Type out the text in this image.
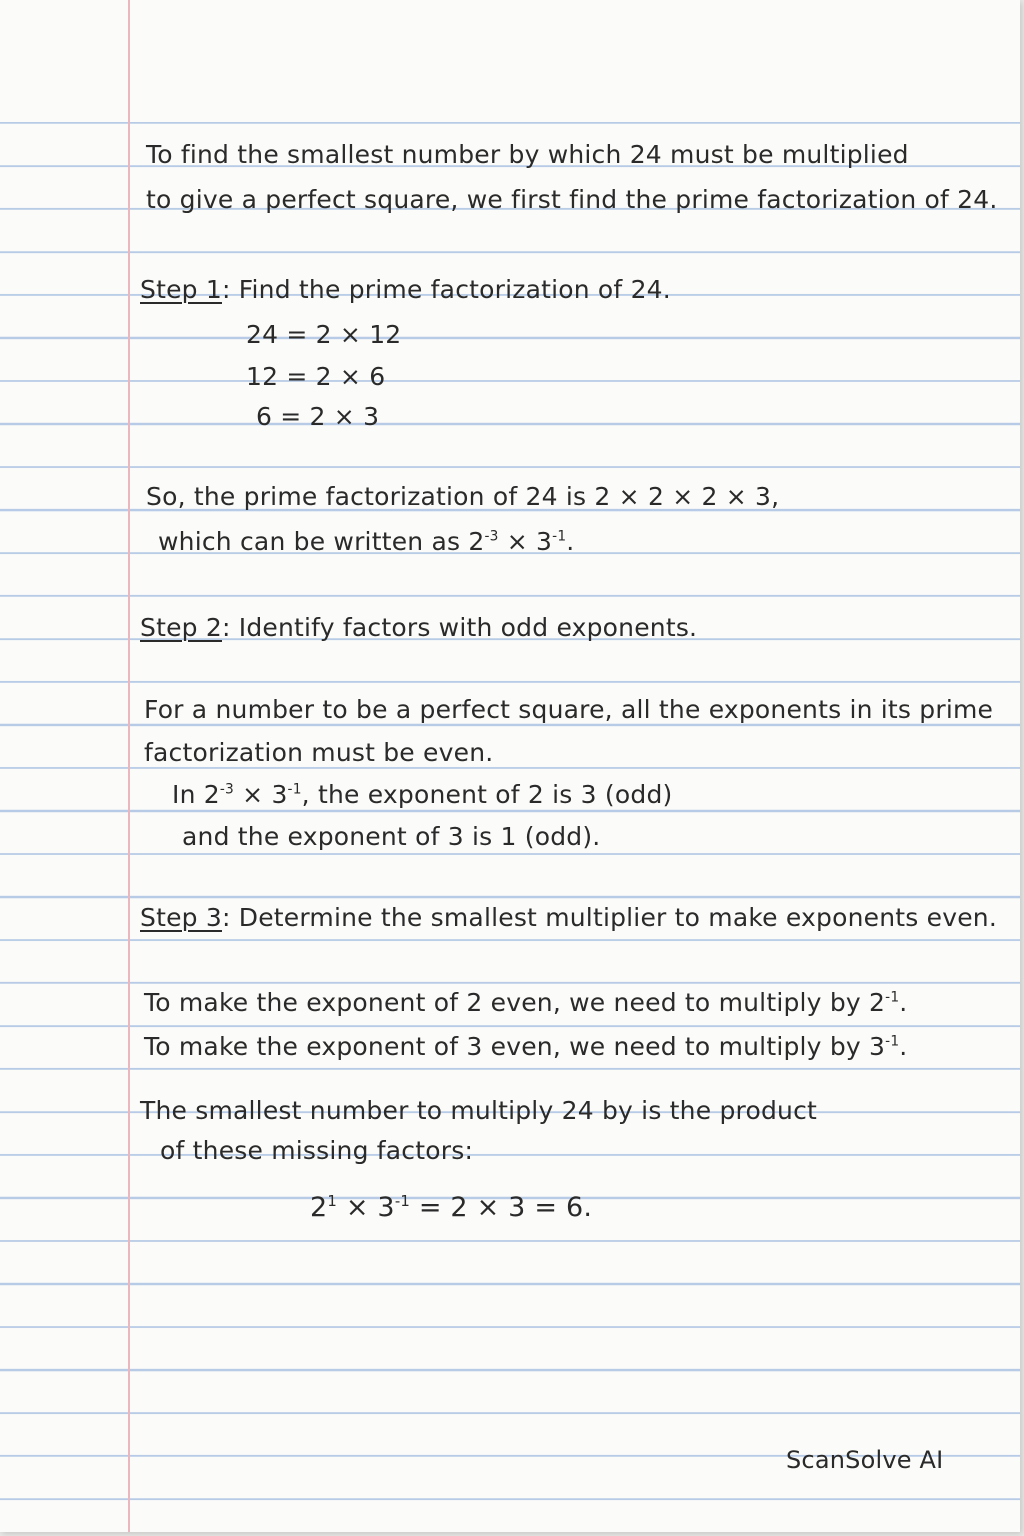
To find the smallest number by which 24 must be multiplied
to give a perfect square, we first find the prime factorization of 24.
Step 1: Find the prime factorization of 24.
24 = 2 × 12
12 = 2 × 6
6 = 2 × 3
So, the prime factorization of 24 is 2 × 2 × 2 × 3,
which can be written as $2^{-3} \times 3^{-1}$.
Step 2: Identify factors with odd exponents.
For a number to be a perfect square, all the exponents in its prime
factorization must be even.
In $2^{-3} \times 3^{-1}$, the exponent of 2 is 3 (odd)
and the exponent of 3 is 1 (odd).
Step 3: Determine the smallest multiplier to make exponents even.
To make the exponent of 2 even, we need to multiply by $2^{-1}$.
To make the exponent of 3 even, we need to multiply by $3^{-1}$.
The smallest number to multiply 24 by is the product
of these missing factors:
$2^1 \times 3^{-1} = 2 \times 3 = 6$.
ScanSolve AI
